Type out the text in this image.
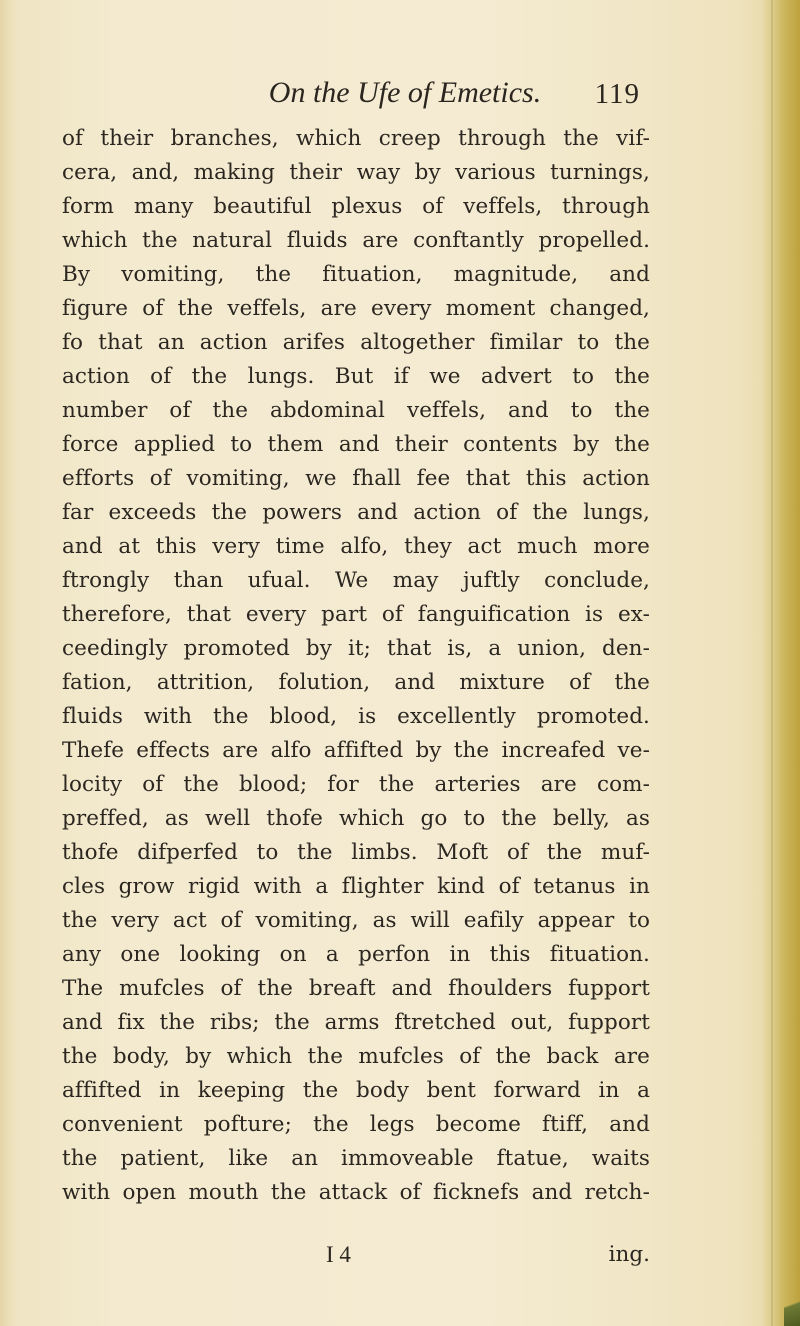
On the Ufe of Emetics.	119
of their branches, which creep through the vif-
cera, and, making their way by various turnings,
form many beautiful plexus of veffels, through
which the natural fluids are conftantly propelled.
By vomiting, the fituation, magnitude, and
figure of the veffels, are every moment changed,
fo that an action arifes altogether fimilar to the
action of the lungs. But if we advert to the
number of the abdominal veffels, and to the
force applied to them and their contents by the
efforts of vomiting, we fhall fee that this action
far exceeds the powers and action of the lungs,
and at this very time alfo, they act much more
ftrongly than ufual. We may juftly conclude,
therefore, that every part of fanguification is ex-
ceedingly promoted by it; that is, a union, den-
fation, attrition, folution, and mixture of the
fluids with the blood, is excellently promoted.
Thefe effects are alfo affifted by the increafed ve-
locity of the blood; for the arteries are com-
preffed, as well thofe which go to the belly, as
thofe difperfed to the limbs. Moft of the muf-
cles grow rigid with a flighter kind of tetanus in
the very act of vomiting, as will eafily appear to
any one looking on a perfon in this fituation.
The mufcles of the breaft and fhoulders fupport
and fix the ribs; the arms ftretched out, fupport
the body, by which the mufcles of the back are
affifted in keeping the body bent forward in a
convenient pofture; the legs become ftiff, and
the patient, like an immoveable ftatue, waits
with open mouth the attack of ficknefs and retch-
I 4	ing.
